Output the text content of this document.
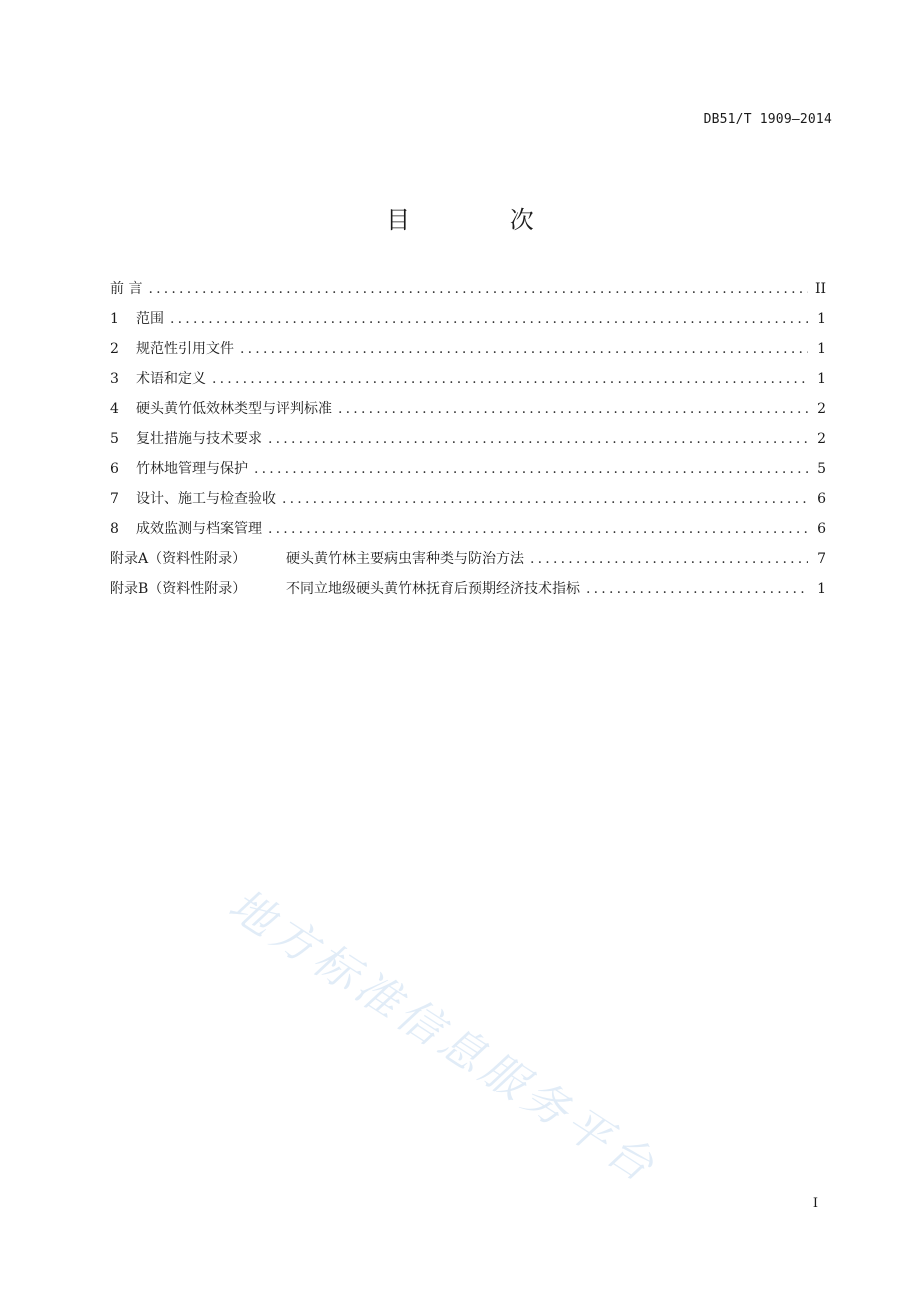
DB51/T 1909—2014
目 次
前 言 .....	II
1	范围 .....	1
2	规范性引用文件 .....	1
3	术语和定义 .....	1
4	硬头黄竹低效林类型与评判标准 .....	2
5	复壮措施与技术要求 .....	2
6	竹林地管理与保护 .....	5
7	设计、施工与检查验收 .....	6
8	成效监测与档案管理 .....	6
附录A（资料性附录）	硬头黄竹林主要病虫害种类与防治方法 .....	7
附录B（资料性附录）	不同立地级硬头黄竹林抚育后预期经济技术指标 .....	1
地方标准信息服务平台
I
